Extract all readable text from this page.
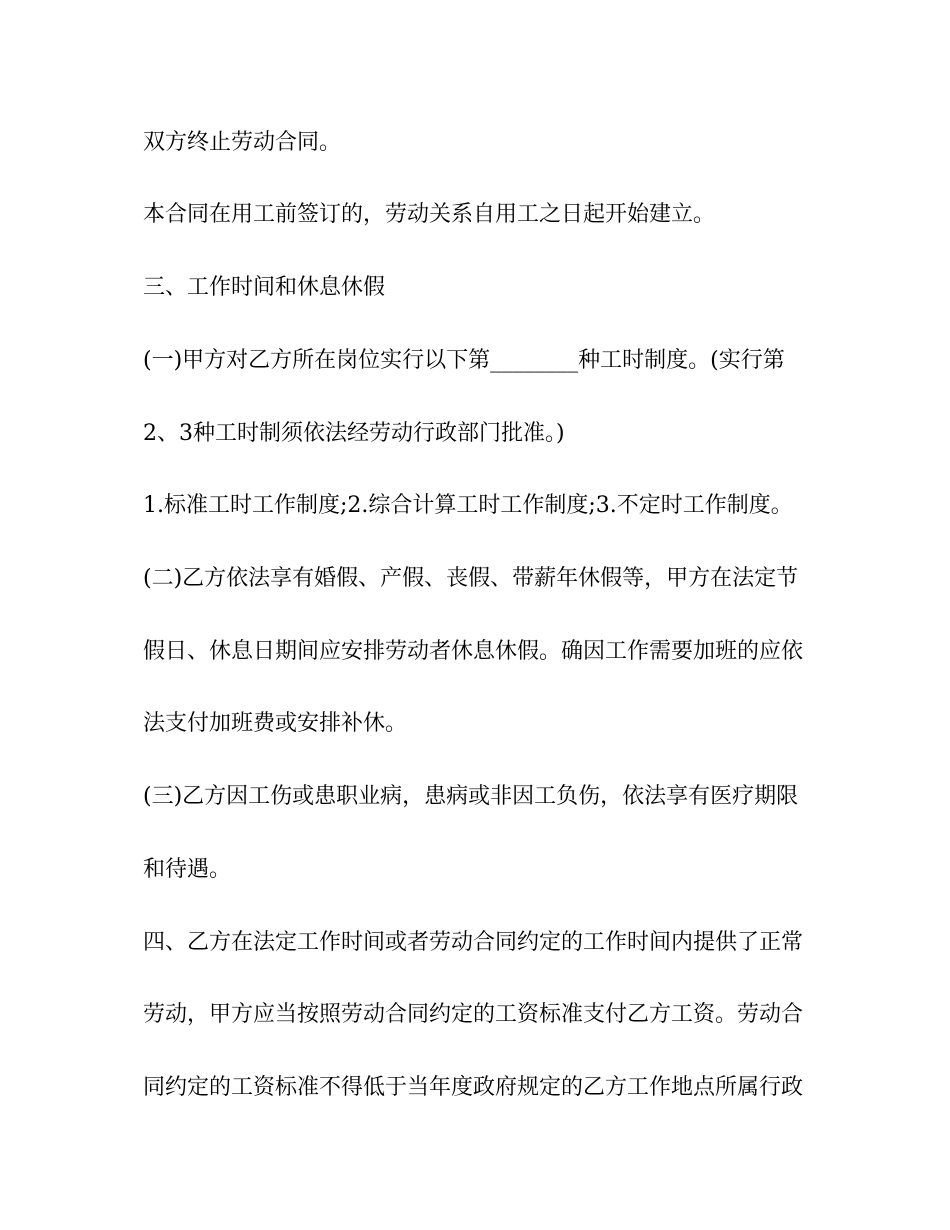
双方终止劳动合同。
本合同在用工前签订的，劳动关系自用工之日起开始建立。
三、工作时间和休息休假
(一)甲方对乙方所在岗位实行以下第________种工时制度。(实行第
2、3种工时制须依法经劳动行政部门批准。)
1.标准工时工作制度;2.综合计算工时工作制度;3.不定时工作制度。
(二)乙方依法享有婚假、产假、丧假、带薪年休假等，甲方在法定节
假日、休息日期间应安排劳动者休息休假。确因工作需要加班的应依
法支付加班费或安排补休。
(三)乙方因工伤或患职业病，患病或非因工负伤，依法享有医疗期限
和待遇。
四、乙方在法定工作时间或者劳动合同约定的工作时间内提供了正常
劳动，甲方应当按照劳动合同约定的工资标准支付乙方工资。劳动合
同约定的工资标准不得低于当年度政府规定的乙方工作地点所属行政
